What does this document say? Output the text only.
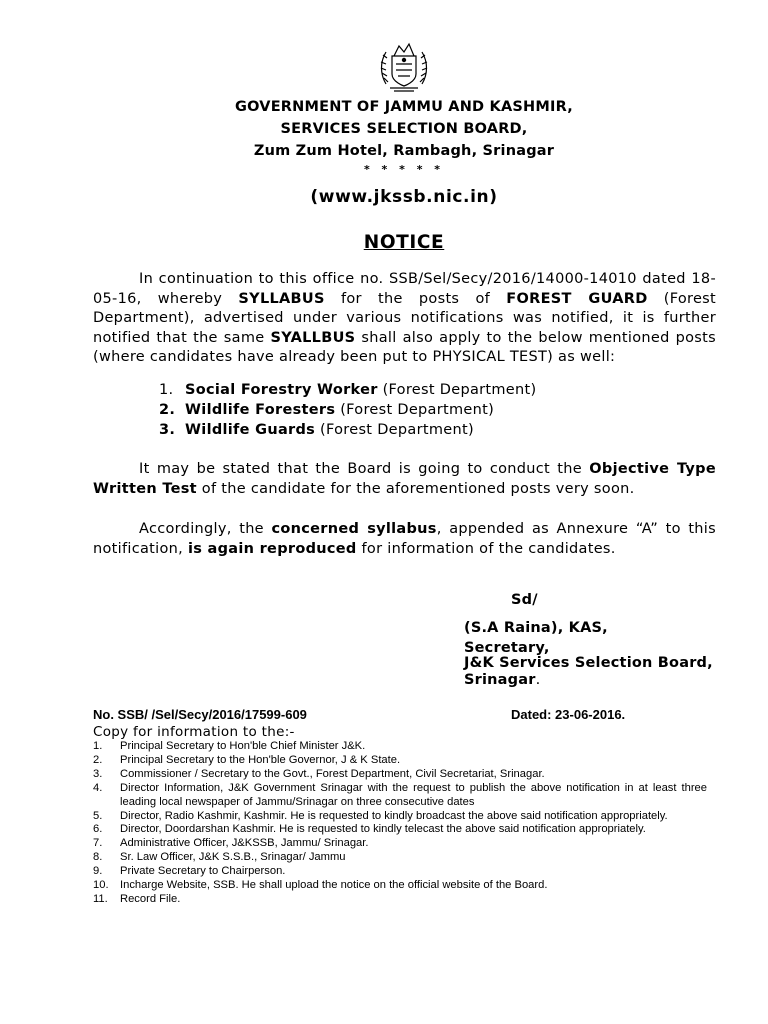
GOVERNMENT OF JAMMU AND KASHMIR,
SERVICES SELECTION BOARD,
Zum Zum Hotel, Rambagh, Srinagar
* * * * *
(www.jkssb.nic.in)
NOTICE
In continuation to this office no. SSB/Sel/Secy/2016/14000-14010 dated 18-05-16, whereby SYLLABUS for the posts of FOREST GUARD (Forest Department), advertised under various notifications was notified, it is further notified that the same SYALLBUS shall also apply to the below mentioned posts (where candidates have already been put to PHYSICAL TEST) as well:
1. Social Forestry Worker (Forest Department)
2. Wildlife Foresters (Forest Department)
3. Wildlife Guards (Forest Department)
It may be stated that the Board is going to conduct the Objective Type Written Test of the candidate for the aforementioned posts very soon.
Accordingly, the concerned syllabus, appended as Annexure “A” to this notification, is again reproduced for information of the candidates.
Sd/
(S.A Raina), KAS,
Secretary,
J&K Services Selection Board,
Srinagar.
No. SSB/ /Sel/Secy/2016/17599-609	Dated: 23-06-2016.
Copy for information to the:-
1. Principal Secretary to Hon'ble Chief Minister J&K.
2. Principal Secretary to the Hon'ble Governor, J & K State.
3. Commissioner / Secretary to the Govt., Forest Department, Civil Secretariat, Srinagar.
4. Director Information, J&K Government Srinagar with the request to publish the above notification in at least three leading local newspaper of Jammu/Srinagar on three consecutive dates
5. Director, Radio Kashmir, Kashmir. He is requested to kindly broadcast the above said notification appropriately.
6. Director, Doordarshan Kashmir. He is requested to kindly telecast the above said notification appropriately.
7. Administrative Officer, J&KSSB, Jammu/ Srinagar.
8. Sr. Law Officer, J&K S.S.B., Srinagar/ Jammu
9. Private Secretary to Chairperson.
10. Incharge Website, SSB. He shall upload the notice on the official website of the Board.
11. Record File.
